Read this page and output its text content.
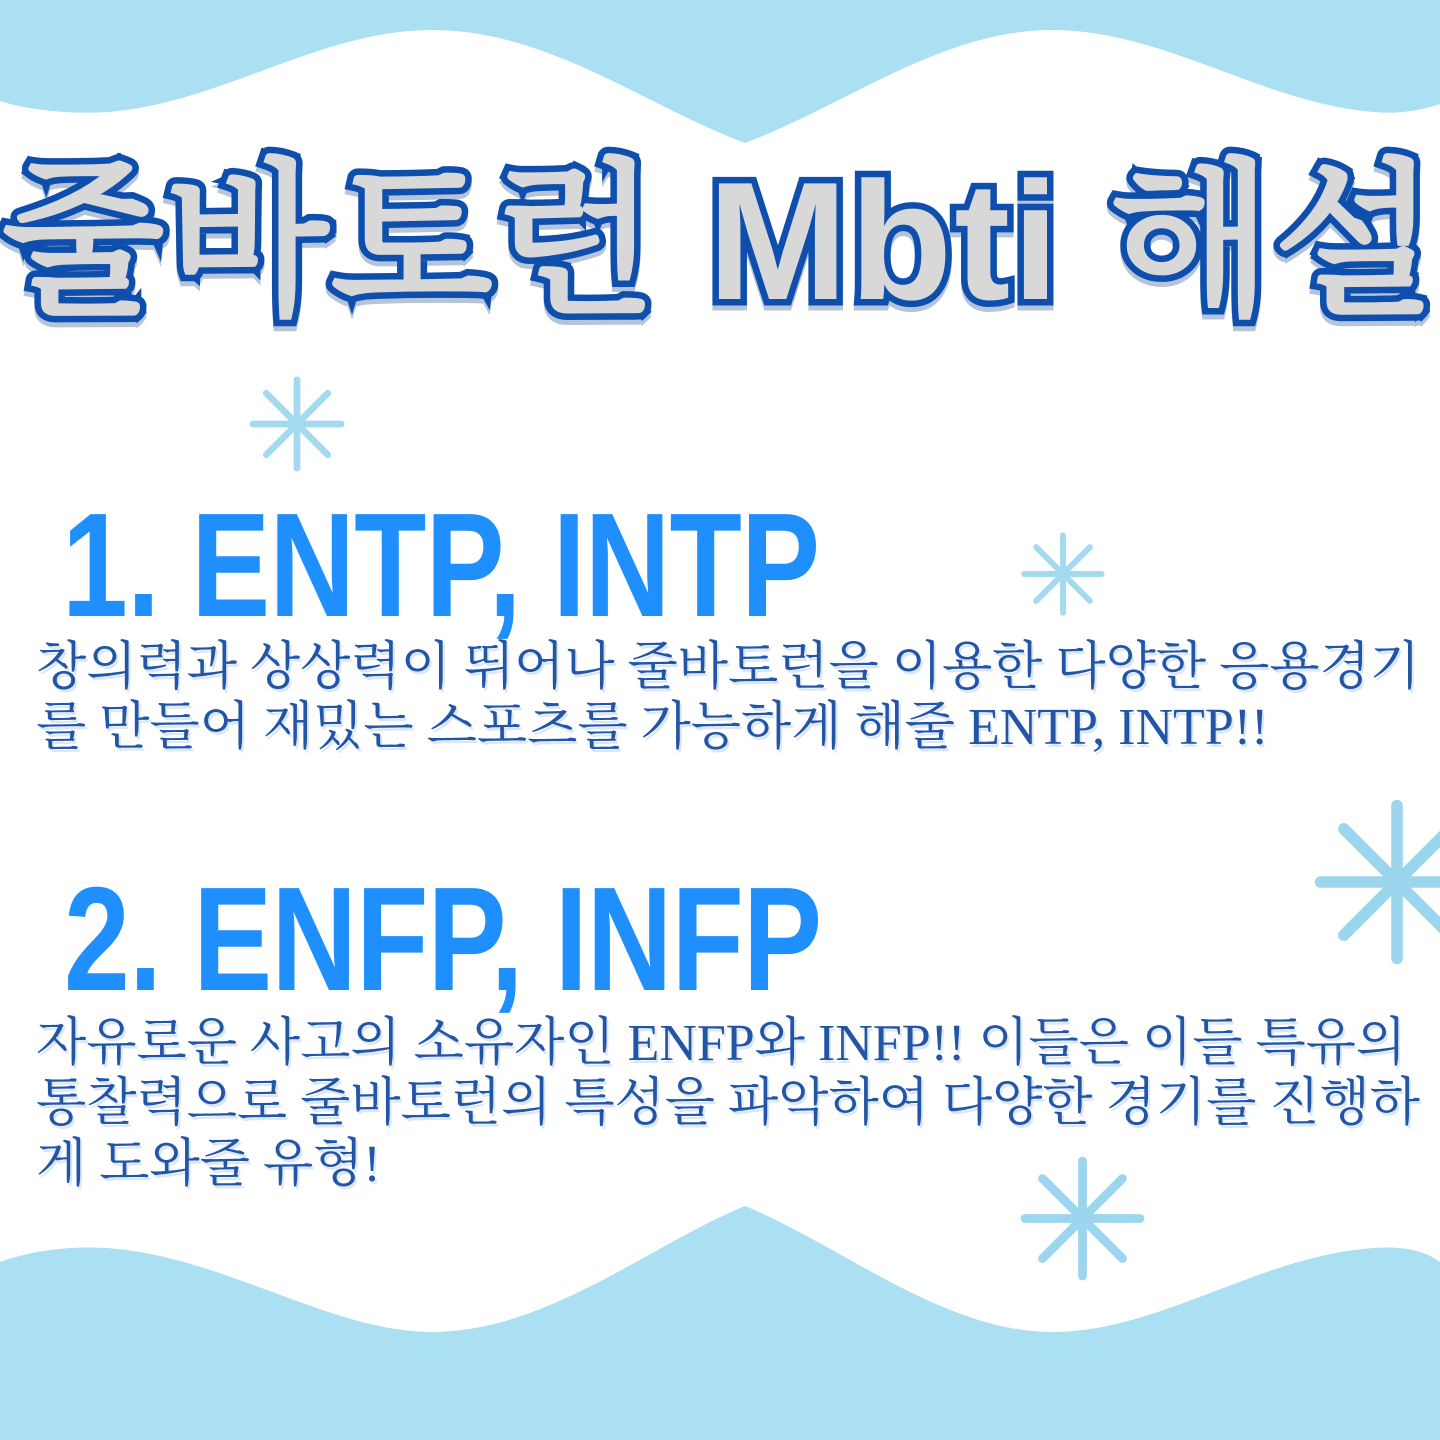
줄바토런 Mbti 해설
1. ENTP, INTP

창의력과 상상력이 뛰어나 줄바토런을 이용한 다양한 응용경기를 만들어 재밌는 스포츠를 가능하게 해줄 ENTP, INTP!!

2. ENFP, INFP

자유로운 사고의 소유자인 ENFP와 INFP!! 이들은 이들 특유의 통찰력으로 줄바토런의 특성을 파악하여 다양한 경기를 진행하게 도와줄 유형!
